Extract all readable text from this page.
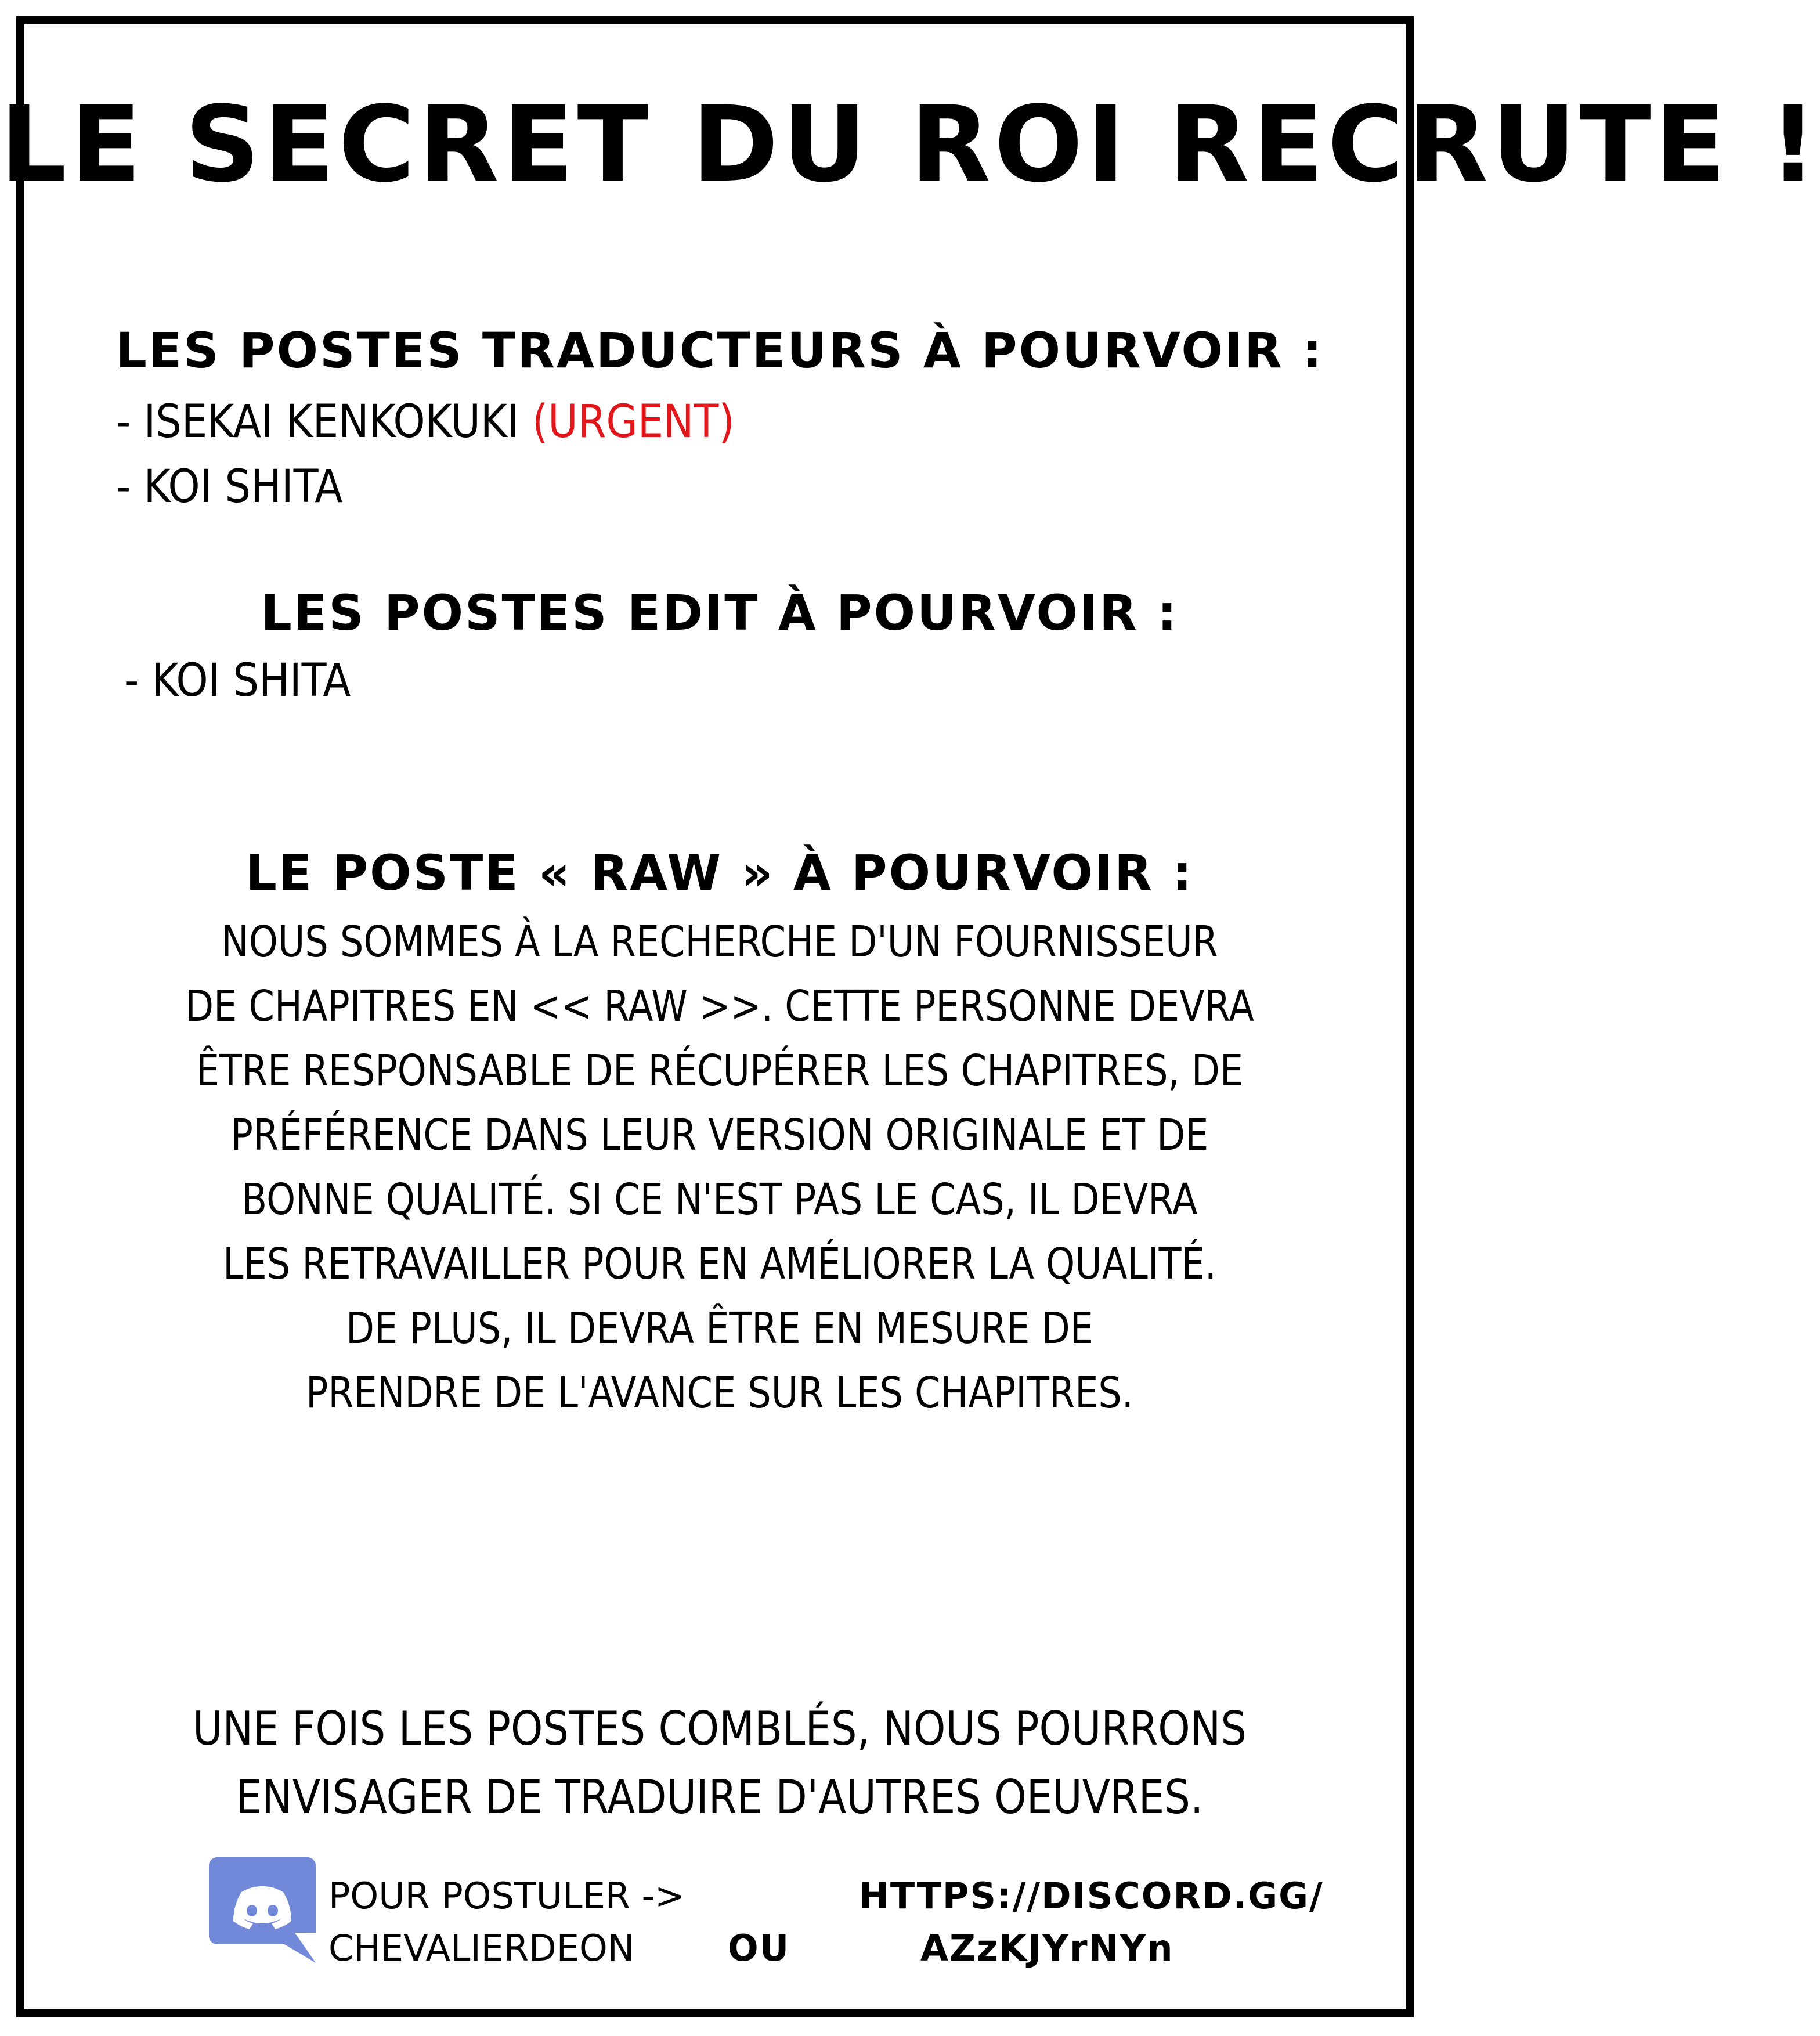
LE SECRET DU ROI RECRUTE !
LES POSTES TRADUCTEURS À POURVOIR :
- ISEKAI KENKOKUKI (URGENT)
- KOI SHITA
LES POSTES EDIT À POURVOIR :
- KOI SHITA
LE POSTE « RAW » À POURVOIR :
NOUS SOMMES À LA RECHERCHE D'UN FOURNISSEUR
DE CHAPITRES EN << RAW >>. CETTE PERSONNE DEVRA
ÊTRE RESPONSABLE DE RÉCUPÉRER LES CHAPITRES, DE
PRÉFÉRENCE DANS LEUR VERSION ORIGINALE ET DE
BONNE QUALITÉ. SI CE N'EST PAS LE CAS, IL DEVRA
LES RETRAVAILLER POUR EN AMÉLIORER LA QUALITÉ.
DE PLUS, IL DEVRA ÊTRE EN MESURE DE
PRENDRE DE L'AVANCE SUR LES CHAPITRES.
UNE FOIS LES POSTES COMBLÉS, NOUS POURRONS
ENVISAGER DE TRADUIRE D'AUTRES OEUVRES.
POUR POSTULER ->
CHEVALIERDEON	OU
HTTPS://DISCORD.GG/
AZzKJYrNYn
